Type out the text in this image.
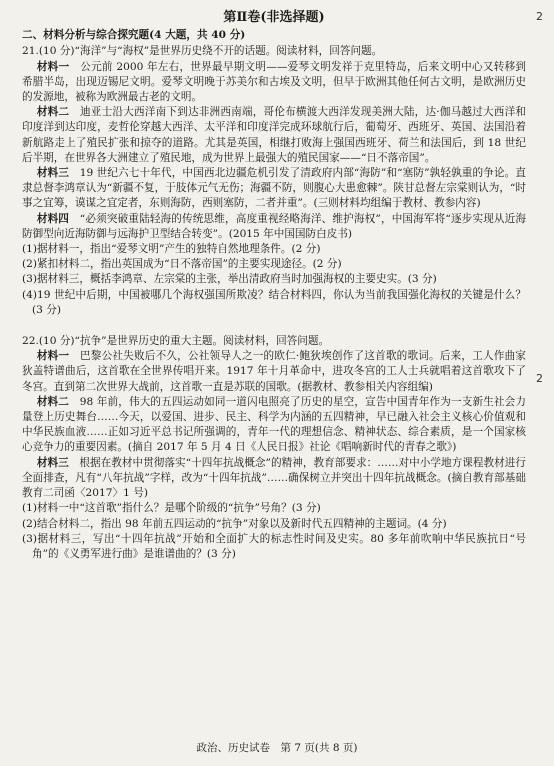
2
2
第Ⅱ卷(非选择题)
二、材料分析与综合探究题(4 大题，共 40 分)

21.(10 分)“海洋”与“海权”是世界历史绕不开的话题。阅读材料，回答问题。

材料一　公元前 2000 年左右，世界最早期文明——爱琴文明发祥于克里特岛，后来文明中心又转移到希腊半岛，出现迈锡尼文明。爱琴文明晚于苏美尔和古埃及文明，但早于欧洲其他任何古文明，是欧洲历史的发源地，被称为欧洲最古老的文明。

材料二　迪亚士沿大西洋南下到达非洲西南端，哥伦布横渡大西洋发现美洲大陆，达·伽马越过大西洋和印度洋到达印度，麦哲伦穿越大西洋、太平洋和印度洋完成环球航行后，葡萄牙、西班牙、英国、法国沿着新航路走上了殖民扩张和掠夺的道路。尤其是英国，相继打败海上强国西班牙、荷兰和法国后，到 18 世纪后半期，在世界各大洲建立了殖民地，成为世界上最强大的殖民国家——“日不落帝国”。

材料三　19 世纪六七十年代，中国西北边疆危机引发了清政府内部“海防”和“塞防”孰轻孰重的争论。直隶总督李鸿章认为“新疆不复，于肢体元气无伤；海疆不防，则腹心大患愈棘”。陕甘总督左宗棠则认为，“时事之宜筹，谟谋之宜定者，东则海防，西则塞防，二者并重”。(三则材料均组编于教材、教参内容)

材料四　“必须突破重陆轻海的传统思维，高度重视经略海洋、维护海权”，中国海军将“逐步实现从近海防御型向近海防御与远海护卫型结合转变”。(2015 年中国国防白皮书)

(1)据材料一，指出“爱琴文明”产生的独特自然地理条件。(2 分)

(2)紧扣材料二，指出英国成为“日不落帝国”的主要实现途径。(2 分)

(3)据材料三，概括李鸿章、左宗棠的主张，举出清政府当时加强海权的主要史实。(3 分)

(4)19 世纪中后期，中国被哪几个海权强国所欺凌？结合材料四，你认为当前我国强化海权的关键是什么？(3 分)

22.(10 分)“抗争”是世界历史的重大主题。阅读材料，回答问题。

材料一　巴黎公社失败后不久，公社领导人之一的欧仁·鲍狄埃创作了这首歌的歌词。后来，工人作曲家狄盖特谱曲后，这首歌在全世界传唱开来。1917 年十月革命中，进攻冬宫的工人士兵就唱着这首歌攻下了冬宫。直到第二次世界大战前，这首歌一直是苏联的国歌。(据教材、教参相关内容组编)

材料二　98 年前，伟大的五四运动如同一道闪电照亮了历史的星空，宣告中国青年作为一支新生社会力量登上历史舞台……今天，以爱国、进步、民主、科学为内涵的五四精神，早已融入社会主义核心价值观和中华民族血液……正如习近平总书记所强调的，青年一代的理想信念、精神状态、综合素质，是一个国家核心竞争力的重要因素。(摘自 2017 年 5 月 4 日《人民日报》社论《唱响新时代的青春之歌》)

材料三　根据在教材中贯彻落实“十四年抗战概念”的精神，教育部要求：……对中小学地方课程教材进行全面排查，凡有“八年抗战”字样，改为“十四年抗战”……确保树立并突出十四年抗战概念。(摘自教育部基础教育二司函〈2017〉1 号)

(1)材料一中“这首歌”指什么？是哪个阶级的“抗争”号角？(3 分)

(2)结合材料二，指出 98 年前五四运动的“抗争”对象以及新时代五四精神的主题词。(4 分)

(3)据材料三，写出“十四年抗战”开始和全面扩大的标志性时间及史实。80 多年前吹响中华民族抗日“号角”的《义勇军进行曲》是谁谱曲的？(3 分)

政治、历史试卷　第 7 页(共 8 页)
